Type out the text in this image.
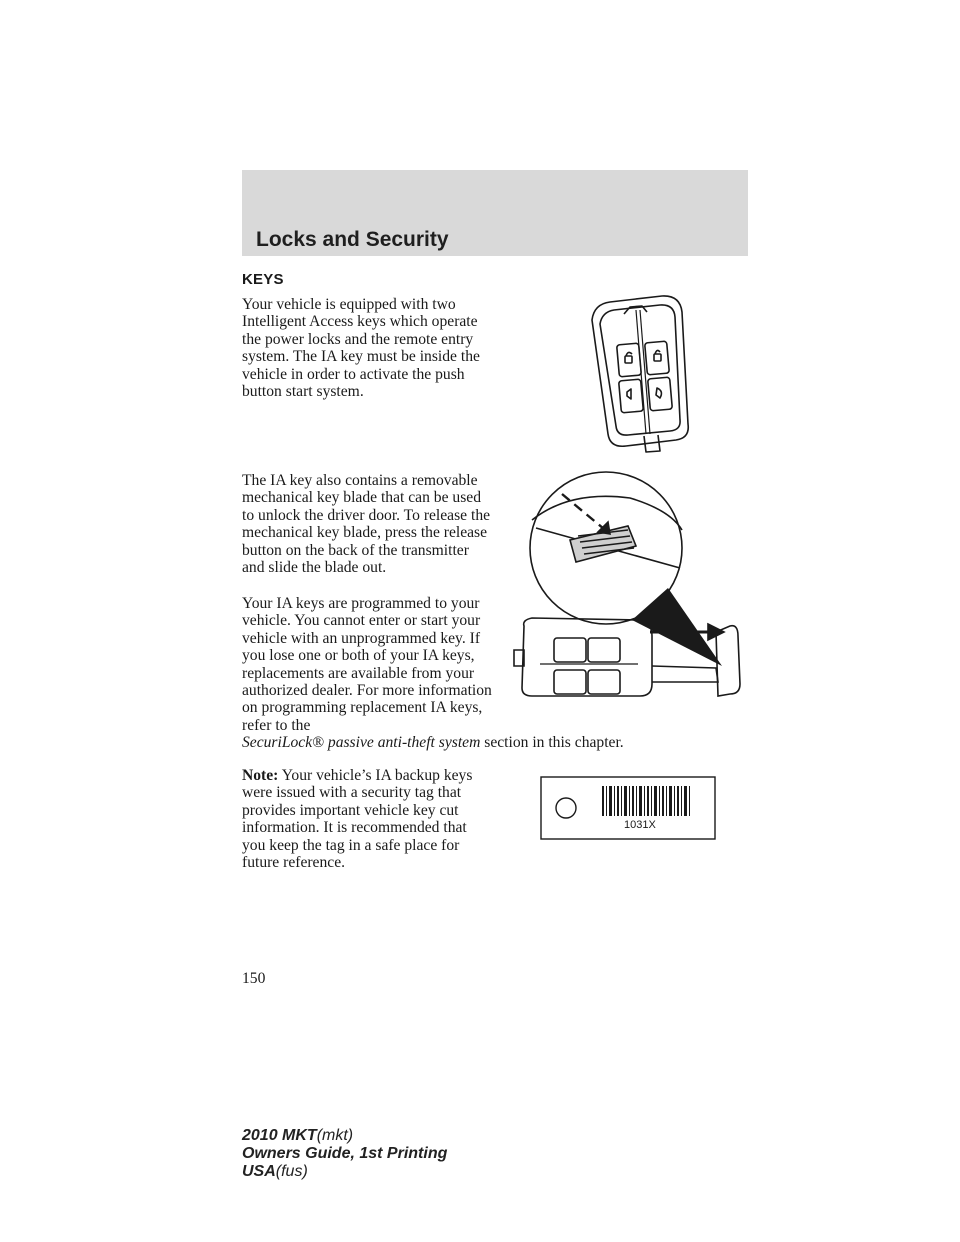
Locks and Security
KEYS
Your vehicle is equipped with two Intelligent Access keys which operate the power locks and the remote entry system. The IA key must be inside the vehicle in order to activate the push button start system.
The IA key also contains a removable mechanical key blade that can be used to unlock the driver door. To release the mechanical key blade, press the release button on the back of the transmitter and slide the blade out.
Your IA keys are programmed to your vehicle. You cannot enter or start your vehicle with an unprogrammed key. If you lose one or both of your IA keys, replacements are available from your authorized dealer. For more information on programming replacement IA keys, refer to the
SecuriLock® passive anti-theft system section in this chapter.
Note: Your vehicle’s IA backup keys were issued with a security tag that provides important vehicle key cut information. It is recommended that you keep the tag in a safe place for future reference.
1031X
150
2010 MKT(mkt)
Owners Guide, 1st Printing
USA(fus)
